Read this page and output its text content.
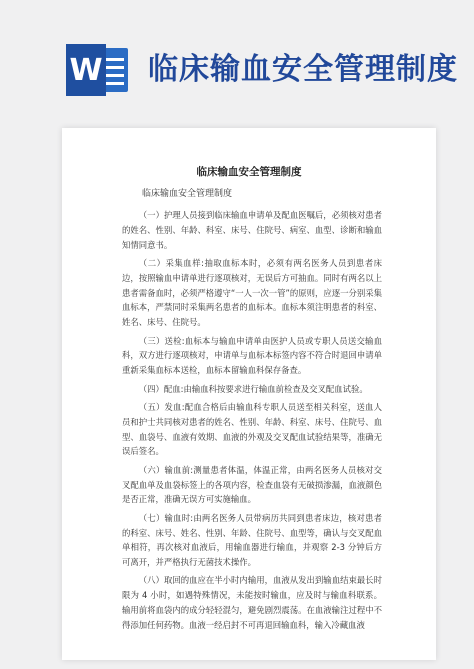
W 临床输血安全管理制度
临床输血安全管理制度
临床输血安全管理制度

（一）护理人员接到临床输血申请单及配血医嘱后，必须核对患者的姓名、性别、年龄、科室、床号、住院号、病室、血型、诊断和输血知情同意书。

（二）采集血样:抽取血标本时，必须有两名医务人员到患者床边，按照输血申请单进行逐项核对，无误后方可抽血。同时有两名以上患者需备血时，必须严格遵守“一人一次一管”的原则，应逐一分别采集血标本，严禁同时采集两名患者的血标本。血标本须注明患者的科室、姓名、床号、住院号。

（三）送检:血标本与输血申请单由医护人员或专职人员送交输血科，双方进行逐项核对，申请单与血标本标签内容不符合时退回申请单重新采集血标本送检，血标本留输血科保存备查。

（四）配血:由输血科按要求进行输血前检查及交叉配血试验。

（五）发血:配血合格后由输血科专职人员送至相关科室，送血人员和护士共同核对患者的姓名、性别、年龄、科室、床号、住院号、血型、血袋号、血液有效期、血液的外观及交叉配血试验结果等，准确无误后签名。

（六）输血前:测量患者体温，体温正常，由两名医务人员核对交叉配血单及血袋标签上的各项内容，检查血袋有无破损渗漏，血液颜色是否正常，准确无误方可实施输血。

（七）输血时:由两名医务人员带病历共同到患者床边，核对患者的科室、床号、姓名、性别、年龄、住院号、血型等，确认与交叉配血单相符，再次核对血液后，用输血器进行输血，并观察 2-3 分钟后方可离开，并严格执行无菌技术操作。

（八）取回的血应在半小时内输用，血液从发出到输血结束最长时限为 4 小时，如遇特殊情况，未能按时输血，应及时与输血科联系。输用前将血袋内的成分轻轻混匀，避免剧烈震荡。在血液输注过程中不得添加任何药物。血液一经启封不可再退回输血科，输入冷藏血液
